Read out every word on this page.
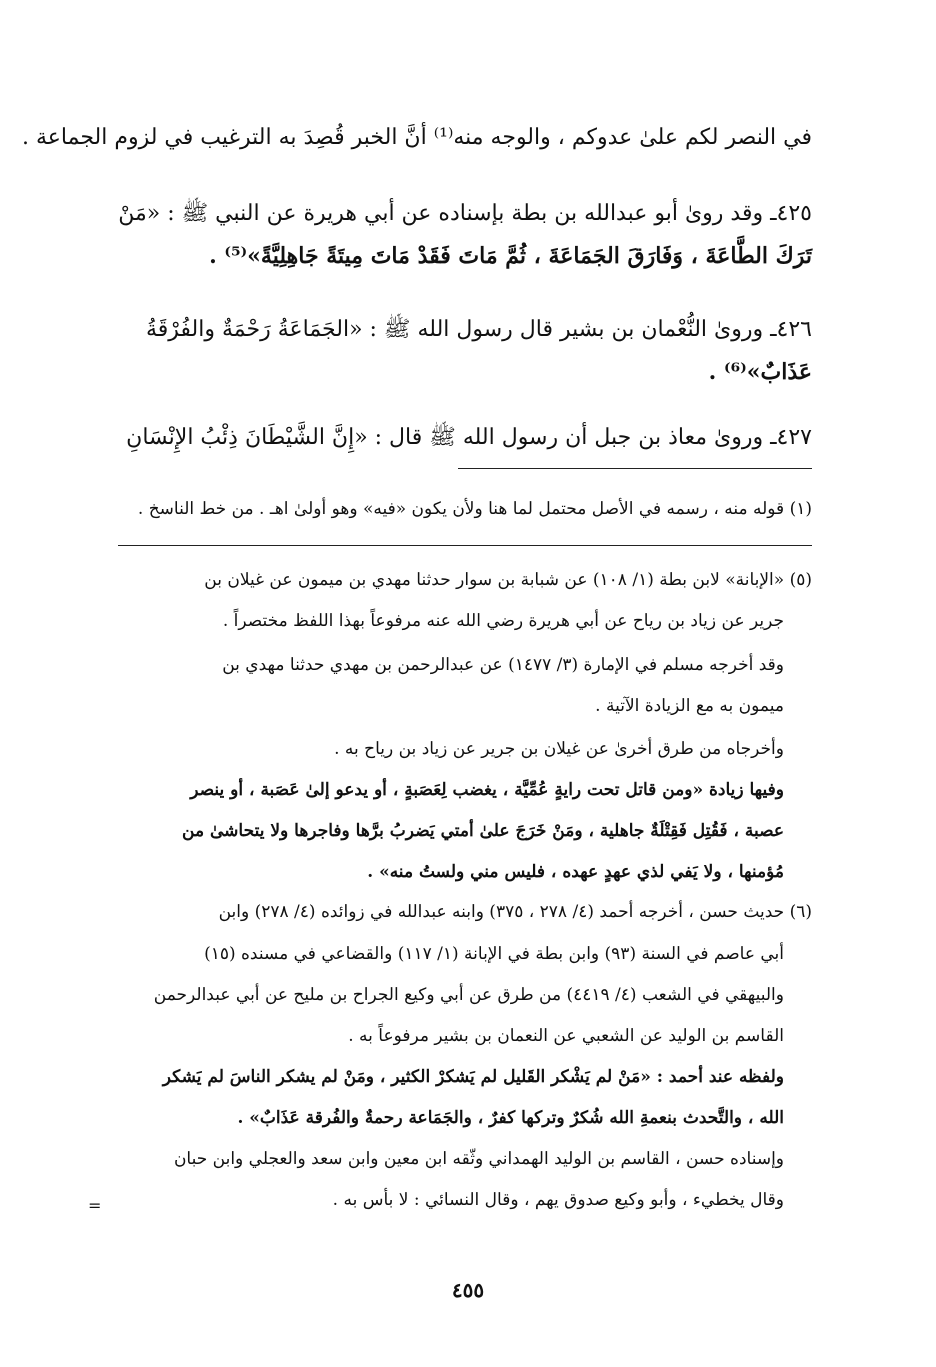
في النصر لكم علىٰ عدوكم ، والوجه منه⁽¹⁾ أنَّ الخبر قُصِدَ به الترغيب في لزوم الجماعة .
٤٢٥ـ وقد روىٰ أبو عبدالله بن بطة بإسناده عن أبي هريرة عن النبي ﷺ : «مَنْ
تَرَكَ الطَّاعَةَ ، وَفَارَقَ الجَمَاعَةَ ، ثُمَّ مَاتَ فَقَدْ مَاتَ مِيتَةً جَاهِلِيَّةً»⁽⁵⁾ .
٤٢٦ـ وروىٰ النُّعْمان بن بشير قال رسول الله ﷺ : «الجَمَاعَةُ رَحْمَةٌ والفُرْقَةُ
عَذَابٌ»⁽⁶⁾ .
٤٢٧ـ وروىٰ معاذ بن جبل أن رسول الله ﷺ قال : «إِنَّ الشَّيْطَانَ ذِئْبُ الإِنْسَانِ
(١) قوله منه ، رسمه في الأصل محتمل لما هنا ولأن يكون «فيه» وهو أولىٰ اهـ . من خط الناسخ .
(٥) «الإبانة» لابن بطة (١/ ١٠٨) عن شبابة بن سوار حدثنا مهدي بن ميمون عن غيلان بن
جرير عن زياد بن رياح عن أبي هريرة رضي الله عنه مرفوعاً بهذا اللفظ مختصراً .
وقد أخرجه مسلم في الإمارة (٣/ ١٤٧٧) عن عبدالرحمن بن مهدي حدثنا مهدي بن
ميمون به مع الزيادة الآتية .
وأخرجاه من طرق أخرىٰ عن غيلان بن جرير عن زياد بن رياح به .
وفيها زيادة «ومن قاتل تحت رايةٍ عُمِّيَّة ، يغضب لِعَصَبةٍ ، أو يدعو إلىٰ عَصَبة ، أو ينصر
عصبة ، فَقُتِل فَقِتْلَةٌ جاهلية ، ومَنْ خَرَجَ علىٰ أمتي يَضربُ برَّها وفاجرها ولا يتحاشىٰ من
مُؤمنها ، ولا يَفي لذي عهدٍ عهده ، فليس مني ولستُ منه» .
(٦) حديث حسن ، أخرجه أحمد (٤/ ٢٧٨ ، ٣٧٥) وابنه عبدالله في زوائده (٤/ ٢٧٨) وابن
أبي عاصم في السنة (٩٣) وابن بطة في الإبانة (١/ ١١٧) والقضاعي في مسنده (١٥)
والبيهقي في الشعب (٤/ ٤٤١٩) من طرق عن أبي وكيع الجراح بن مليح عن أبي عبدالرحمن
القاسم بن الوليد عن الشعبي عن النعمان بن بشير مرفوعاً به .
ولفظه عند أحمد : «مَنْ لم يَشْكر القَليل لم يَشكرْ الكثير ، ومَنْ لم يشكر الناسَ لم يَشكر
الله ، والتَّحدث بنعمةِ الله شُكرٌ وتركها كفرٌ ، والجَمَاعة رحمةٌ والفُرقة عَذَابٌ» .
وإسناده حسن ، القاسم بن الوليد الهمداني وثّقه ابن معين وابن سعد والعجلي وابن حبان
وقال يخطيء ، وأبو وكيع صدوق يهم ، وقال النسائي : لا بأس به .
=
٤٥٥
